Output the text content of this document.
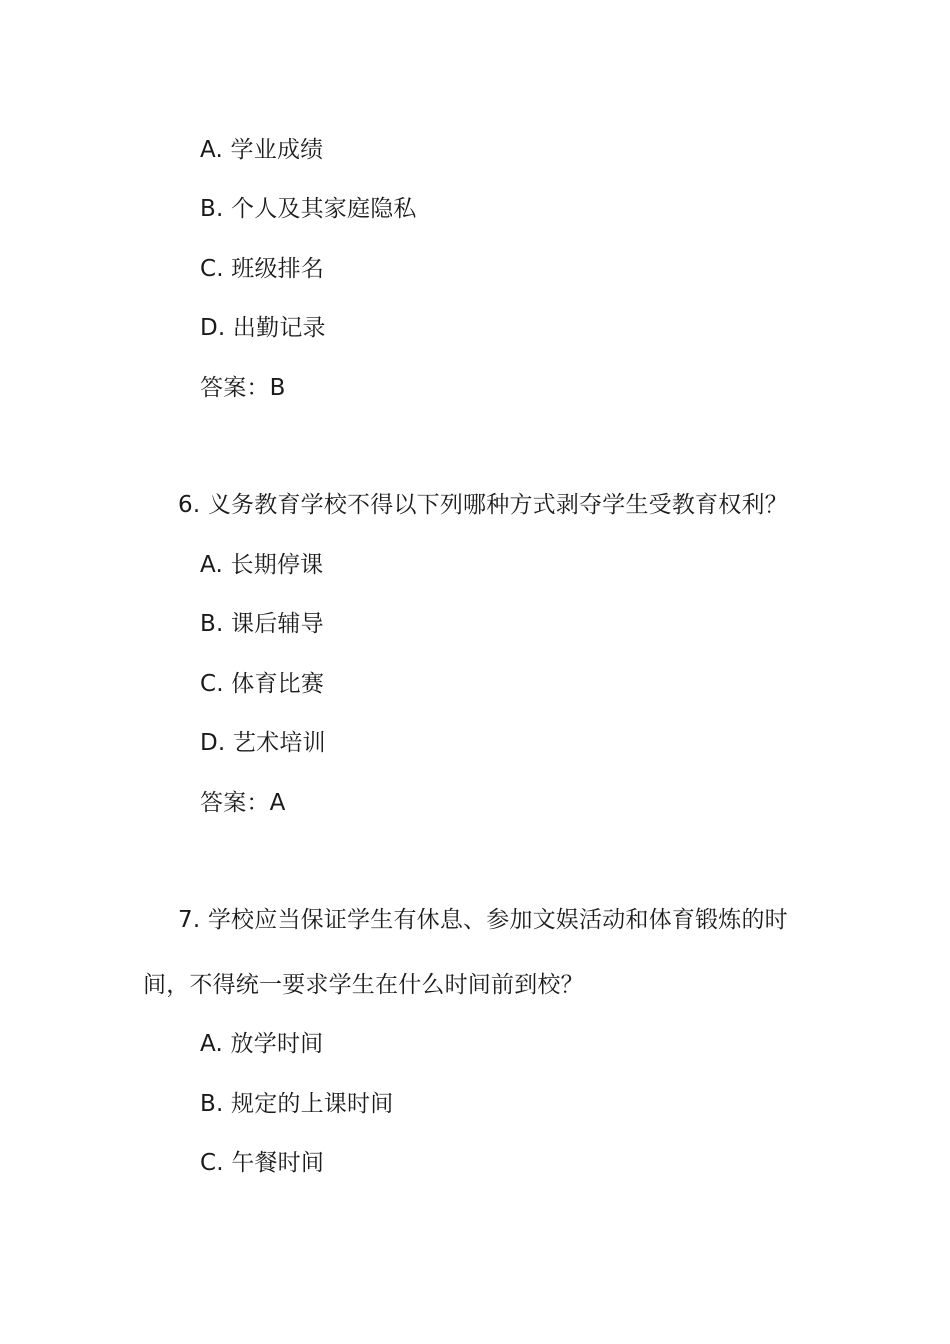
A. 学业成绩
B. 个人及其家庭隐私
C. 班级排名
D. 出勤记录
答案：B
6. 义务教育学校不得以下列哪种方式剥夺学生受教育权利？
A. 长期停课
B. 课后辅导
C. 体育比赛
D. 艺术培训
答案：A
7. 学校应当保证学生有休息、参加文娱活动和体育锻炼的时
间，不得统一要求学生在什么时间前到校？
A. 放学时间
B. 规定的上课时间
C. 午餐时间
